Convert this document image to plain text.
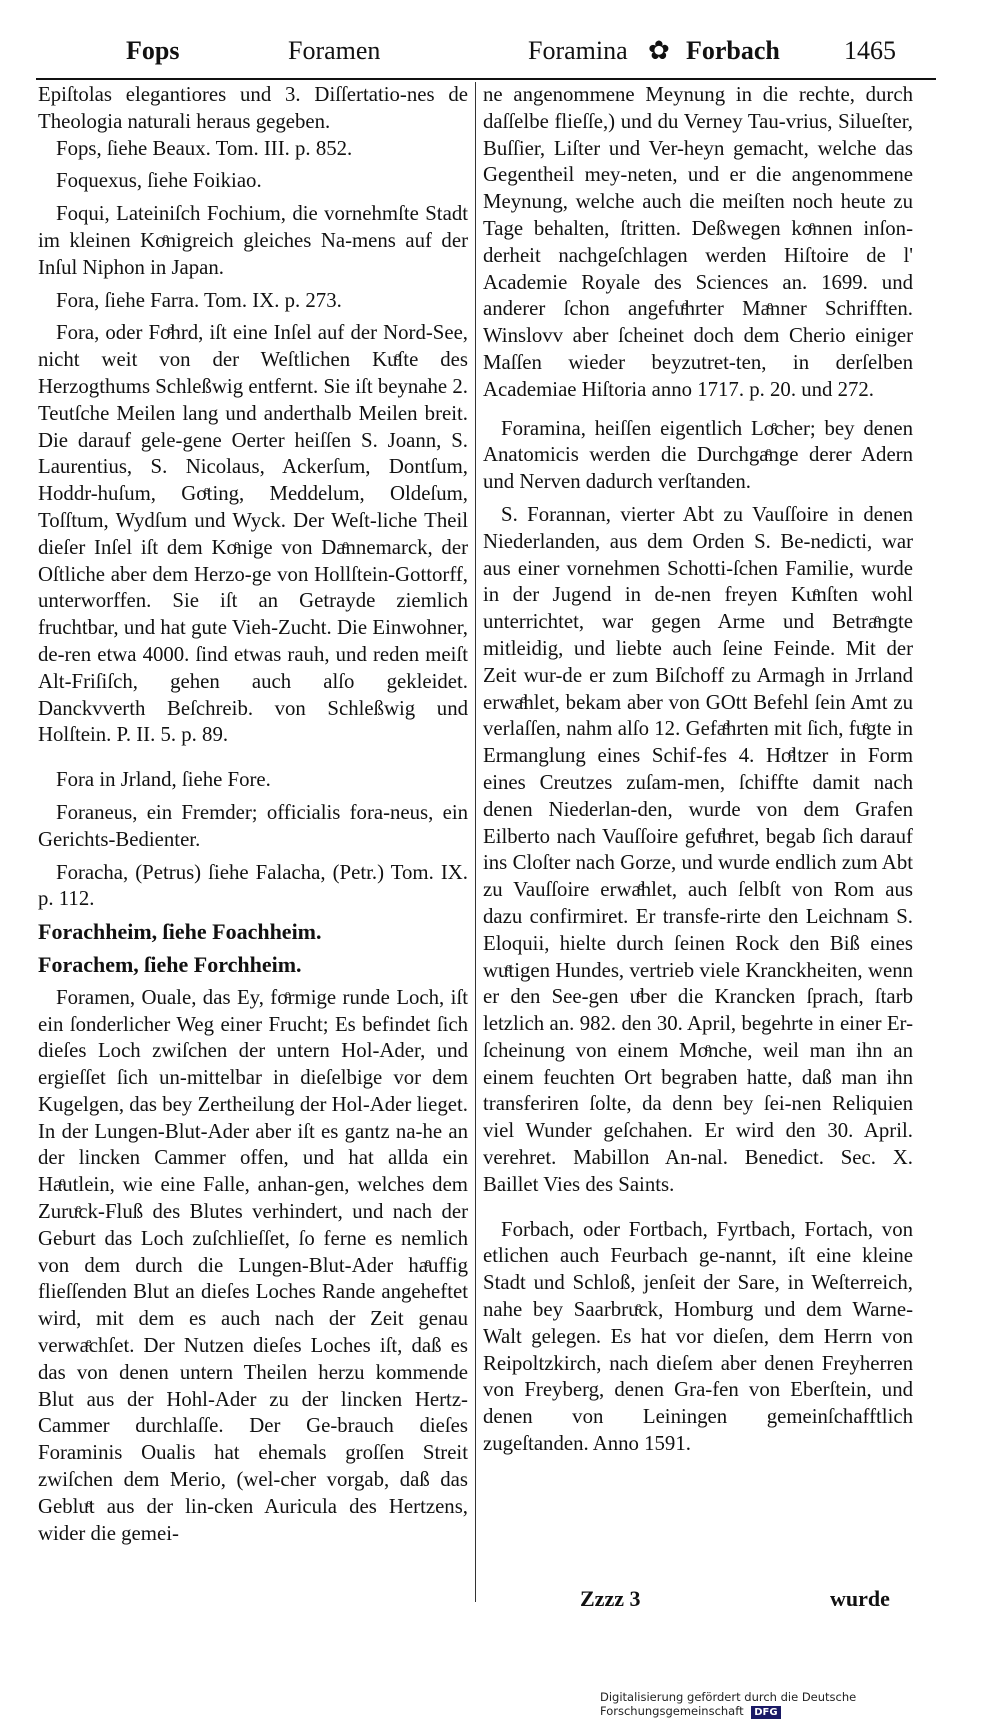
Fops	Foramen	Foramina ✿ Forbach 1465

Epiſtolas elegantiores und 3. Diſſertatio-nes de Theologia naturali heraus gegeben.

Fops, ſiehe Beaux. Tom. III. p. 852.

Foquexus, ſiehe Foikiao.

Foqui, Lateiniſch Fochium, die vornehmſte Stadt im kleinen Koͤnigreich gleiches Na-mens auf der Inſul Niphon in Japan.

Fora, ſiehe Farra. Tom. IX. p. 273.

Fora, oder Foͤhrd, iſt eine Inſel auf der Nord-See, nicht weit von der Weſtlichen Kuͤſte des Herzogthums Schleßwig entfernt. Sie iſt beynahe 2. Teutſche Meilen lang und anderthalb Meilen breit. Die darauf gele-gene Oerter heiſſen S. Joann, S. Laurentius, S. Nicolaus, Ackerſum, Dontſum, Hoddr-huſum, Goͤting, Meddelum, Oldeſum, Toſſtum, Wydſum und Wyck. Der Weſt-liche Theil dieſer Inſel iſt dem Koͤnige von Daͤnnemarck, der Oſtliche aber dem Herzo-ge von Hollſtein-Gottorff, unterworffen. Sie iſt an Getrayde ziemlich fruchtbar, und hat gute Vieh-Zucht. Die Einwohner, de-ren etwa 4000. ſind etwas rauh, und reden meiſt Alt-Friſiſch, gehen auch alſo gekleidet. Danckvverth Beſchreib. von Schleßwig und Holſtein. P. II. 5. p. 89.

Fora in Jrland, ſiehe Fore.

Foraneus, ein Fremder; officialis fora-neus, ein Gerichts-Bedienter.

Foracha, (Petrus) ſiehe Falacha, (Petr.) Tom. IX. p. 112.

Forachheim, ſiehe Foachheim.

Forachem, ſiehe Forchheim.

Foramen, Ouale, das Ey, foͤrmige runde Loch, iſt ein ſonderlicher Weg einer Frucht; Es befindet ſich dieſes Loch zwiſchen der untern Hol-Ader, und ergieſſet ſich un-mittelbar in dieſelbige vor dem Kugelgen, das bey Zertheilung der Hol-Ader lieget. In der Lungen-Blut-Ader aber iſt es gantz na-he an der lincken Cammer offen, und hat allda ein Haͤutlein, wie eine Falle, anhan-gen, welches dem Zuruͤck-Fluß des Blutes verhindert, und nach der Geburt das Loch zuſchlieſſet, ſo ferne es nemlich von dem durch die Lungen-Blut-Ader haͤuffig flieſſenden Blut an dieſes Loches Rande angeheftet wird, mit dem es auch nach der Zeit genau verwaͤchſet. Der Nutzen dieſes Loches iſt, daß es das von denen untern Theilen herzu kommende Blut aus der Hohl-Ader zu der lincken Hertz-Cammer durchlaſſe. Der Ge-brauch dieſes Foraminis Oualis hat ehemals groſſen Streit zwiſchen dem Merio, (wel-cher vorgab, daß das Gebluͤt aus der lin-cken Auricula des Hertzens, wider die gemei-

ne angenommene Meynung in die rechte, durch daſſelbe flieſſe,) und du Verney Tau-vrius, Silueſter, Buſſier, Liſter und Ver-heyn gemacht, welche das Gegentheil mey-neten, und er die angenommene Meynung, welche auch die meiſten noch heute zu Tage behalten, ſtritten. Deßwegen koͤnnen inſon-derheit nachgeſchlagen werden Hiſtoire de l' Academie Royale des Sciences an. 1699. und anderer ſchon angefuͤhrter Maͤnner Schrifften. Winslovv aber ſcheinet doch dem Cherio einiger Maſſen wieder beyzutret-ten, in derſelben Academiae Hiſtoria anno 1717. p. 20. und 272.

Foramina, heiſſen eigentlich Loͤcher; bey denen Anatomicis werden die Durchgaͤnge derer Adern und Nerven dadurch verſtanden.

S. Forannan, vierter Abt zu Vauſſoire in denen Niederlanden, aus dem Orden S. Be-nedicti, war aus einer vornehmen Schotti-ſchen Familie, wurde in der Jugend in de-nen freyen Kuͤnſten wohl unterrichtet, war gegen Arme und Betraͤngte mitleidig, und liebte auch ſeine Feinde. Mit der Zeit wur-de er zum Biſchoff zu Armagh in Jrrland erwaͤhlet, bekam aber von GOtt Befehl ſein Amt zu verlaſſen, nahm alſo 12. Gefaͤhrten mit ſich, fuͤgte in Ermanglung eines Schif-fes 4. Hoͤltzer in Form eines Creutzes zuſam-men, ſchiffte damit nach denen Niederlan-den, wurde von dem Grafen Eilberto nach Vauſſoire gefuͤhret, begab ſich darauf ins Cloſter nach Gorze, und wurde endlich zum Abt zu Vauſſoire erwaͤhlet, auch ſelbſt von Rom aus dazu confirmiret. Er transfe-rirte den Leichnam S. Eloquii, hielte durch ſeinen Rock den Biß eines wuͤtigen Hundes, vertrieb viele Kranckheiten, wenn er den See-gen uͤber die Krancken ſprach, ſtarb letzlich an. 982. den 30. April, begehrte in einer Er-ſcheinung von einem Moͤnche, weil man ihn an einem feuchten Ort begraben hatte, daß man ihn transferiren ſolte, da denn bey ſei-nen Reliquien viel Wunder geſchahen. Er wird den 30. April. verehret. Mabillon An-nal. Benedict. Sec. X. Baillet Vies des Saints.

Forbach, oder Fortbach, Fyrtbach, Fortach, von etlichen auch Feurbach ge-nannt, iſt eine kleine Stadt und Schloß, jenſeit der Sare, in Weſterreich, nahe bey Saarbruͤck, Homburg und dem Warne-Walt gelegen. Es hat vor dieſen, dem Herrn von Reipoltzkirch, nach dieſem aber denen Freyherren von Freyberg, denen Gra-fen von Eberſtein, und denen von Leiningen gemeinſchafftlich zugeſtanden. Anno 1591.

Zzzz 3	wurde
Digitalisierung gefördert durch die Deutsche Forschungsgemeinschaft DFG
